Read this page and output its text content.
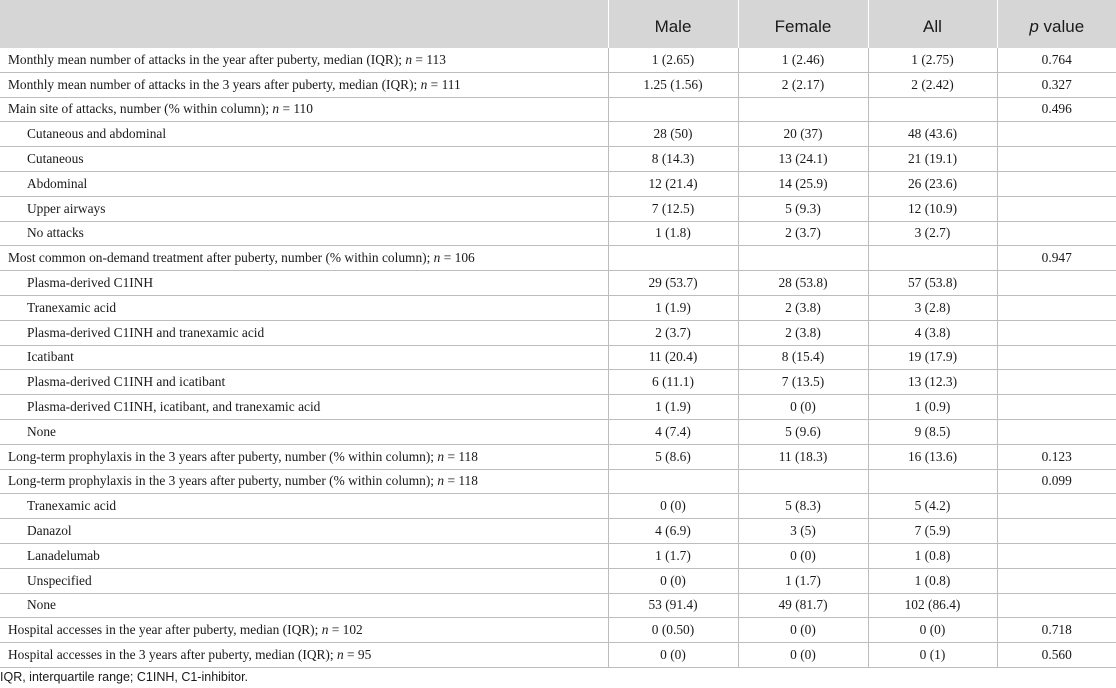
	Male	Female	All	p value
Monthly mean number of attacks in the year after puberty, median (IQR); n = 113	1 (2.65)	1 (2.46)	1 (2.75)	0.764
Monthly mean number of attacks in the 3 years after puberty, median (IQR); n = 111	1.25 (1.56)	2 (2.17)	2 (2.42)	0.327
Main site of attacks, number (% within column); n = 110				0.496
Cutaneous and abdominal	28 (50)	20 (37)	48 (43.6)	
Cutaneous	8 (14.3)	13 (24.1)	21 (19.1)	
Abdominal	12 (21.4)	14 (25.9)	26 (23.6)	
Upper airways	7 (12.5)	5 (9.3)	12 (10.9)	
No attacks	1 (1.8)	2 (3.7)	3 (2.7)	
Most common on-demand treatment after puberty, number (% within column); n = 106				0.947
Plasma-derived C1INH	29 (53.7)	28 (53.8)	57 (53.8)	
Tranexamic acid	1 (1.9)	2 (3.8)	3 (2.8)	
Plasma-derived C1INH and tranexamic acid	2 (3.7)	2 (3.8)	4 (3.8)	
Icatibant	11 (20.4)	8 (15.4)	19 (17.9)	
Plasma-derived C1INH and icatibant	6 (11.1)	7 (13.5)	13 (12.3)	
Plasma-derived C1INH, icatibant, and tranexamic acid	1 (1.9)	0 (0)	1 (0.9)	
None	4 (7.4)	5 (9.6)	9 (8.5)	
Long-term prophylaxis in the 3 years after puberty, number (% within column); n = 118	5 (8.6)	11 (18.3)	16 (13.6)	0.123
Long-term prophylaxis in the 3 years after puberty, number (% within column); n = 118				0.099
Tranexamic acid	0 (0)	5 (8.3)	5 (4.2)	
Danazol	4 (6.9)	3 (5)	7 (5.9)	
Lanadelumab	1 (1.7)	0 (0)	1 (0.8)	
Unspecified	0 (0)	1 (1.7)	1 (0.8)	
None	53 (91.4)	49 (81.7)	102 (86.4)	
Hospital accesses in the year after puberty, median (IQR); n = 102	0 (0.50)	0 (0)	0 (0)	0.718
Hospital accesses in the 3 years after puberty, median (IQR); n = 95	0 (0)	0 (0)	0 (1)	0.560
IQR, interquartile range; C1INH, C1-inhibitor.
